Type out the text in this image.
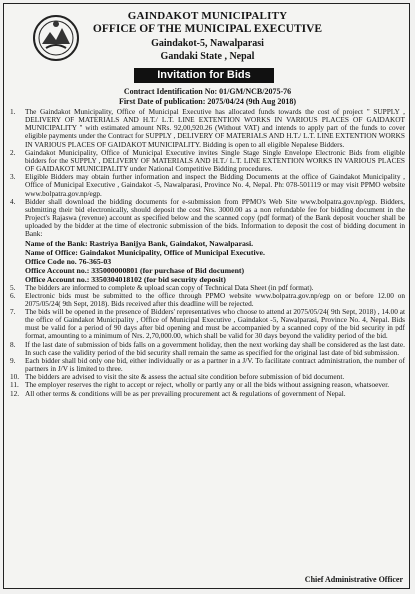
GAINDAKOT MUNICIPALITY
OFFICE OF THE MUNICIPAL EXECUTIVE
Gaindakot-5, Nawalparasi
Gandaki State , Nepal
Invitation for Bids
Contract Identification No: 01/GM/NCB/2075-76
First Date of publication: 2075/04/24 (9th Aug 2018)

1. The Gaindakot Municipality, Office of Municipal Executive has allocated funds towards the cost of project " SUPPLY , DELIVERY OF MATERIALS AND H.T./ L.T. LINE EXTENTION WORKS IN VARIOUS PLACES OF GAIDAKOT MUNICIPALITY " with estimated amount NRs. 92,00,920.26 (Without VAT) and intends to apply part of the funds to cover eligible payments under the Contract for SUPPLY , DELIVERY OF MATERIALS AND H.T./ L.T. LINE EXTENTION WORKS IN VARIOUS PLACES OF GAIDAKOT MUNICIPALITY. Bidding is open to all eligible Nepalese Bidders.

2. Gaindakot Municipality, Office of Municipal Executive invites Single Stage Single Envelope Electronic Bids from eligible bidders for the SUPPLY , DELIVERY OF MATERIALS AND H.T./ L.T. LINE EXTENTION WORKS IN VARIOUS PLACES OF GAIDAKOT MUNICIPALITY under National Competitive Bidding procedures.

3. Eligible Bidders may obtain further information and inspect the Bidding Documents at the office of Gaindakot Municipality , Office of Municipal Executive , Gaindakot -5, Nawalparasi, Province No. 4, Nepal. Ph: 078-501119 or may visit PPMO website www.bolpatra.gov.np/egp.

4. Bidder shall download the bidding documents for e-submission from PPMO's Web Site www.bolpatra.gov.np/egp. Bidders, submitting their bid electronically, should deposit the cost Nrs. 3000.00 as a non refundable fee for bidding document in the Project's Rajaswa (revenue) account as specified below and the scanned copy (pdf format) of the Bank deposit voucher shall be uploaded by the bidder at the time of electronic submission of the bids. Information to deposit the cost of bidding document in Bank:

Name of the Bank: Rastriya Banijya Bank, Gaindakot, Nawalparasi.
Name of Office: Gaindakot Municipality, Office of Municipal Executive.
Office Code no. 76-365-03
Office Account no.: 335000000801 (for purchase of Bid document)
Office Account no.: 3350304018102 (for bid security deposit)

5. The bidders are informed to complete & upload scan copy of Technical Data Sheet (in pdf format).

6. Electronic bids must be submitted to the office through PPMO website www.bolpatra.gov.np/egp on or before 12.00 on 2075/05/24( 9th Sept, 2018). Bids received after this deadline will be rejected.

7. The bids will be opened in the presence of Bidders' representatives who choose to attend at 2075/05/24( 9th Sept, 2018) , 14.00 at the office of Gaindakot Municipality , Office of Municipal Executive , Gaindakot -5, Nawalparasi, Province No. 4, Nepal. Bids must be valid for a period of 90 days after bid opening and must be accompanied by a scanned copy of the bid security in pdf format, amounting to a minimum of Nrs. 2,70,000.00, which shall be valid for 30 days beyond the validity period of the bid.

8. If the last date of submission of bids falls on a government holiday, then the next working day shall be considered as the last date. In such case the validity period of the bid security shall remain the same as specified for the original last date of bid submission.

9. Each bidder shall bid only one bid, either individually or as a partner in a J/V. To facilitate contract administration, the number of partners in J/V is limited to three.

10. The bidders are advised to visit the site & assess the actual site condition before submission of bid document.

11. The employer reserves the right to accept or reject, wholly or partly any or all the bids without assigning reason, whatsoever.

12. All other terms & conditions will be as per prevailing procurement act & regulations of government of Nepal.

Chief Administrative Officer
